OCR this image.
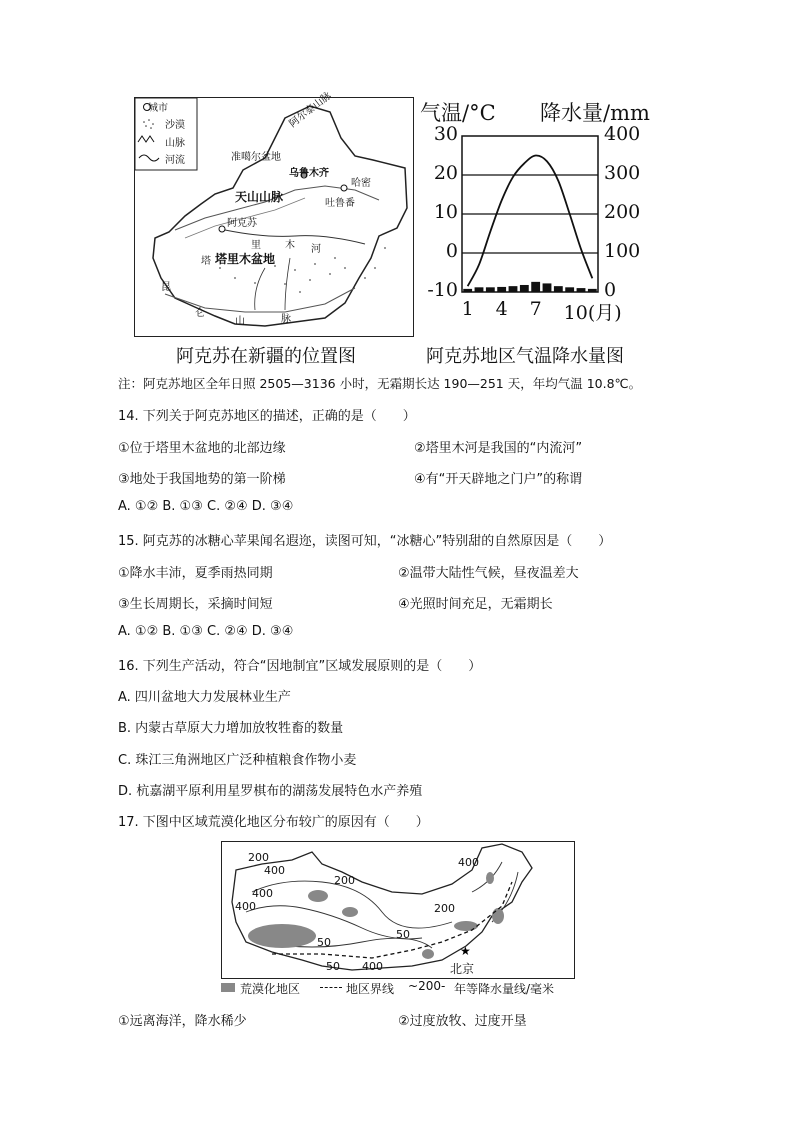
城市
沙漠
山脉
河流
阿尔泰山脉
准噶尔盆地
乌鲁木齐
哈密
吐鲁番
天山山脉
阿克苏
里 木 河
塔里木盆地
塔
昆
仑
山	脉
气温/°C 降水量/mm
30
20
10
0
-10
400
300
200
100
0
1 4 7 10(月)
阿克苏在新疆的位置图	阿克苏地区气温降水量图
注：阿克苏地区全年日照 2505—3136 小时，无霜期长达 190—251 天，年均气温 10.8℃。
14. 下列关于阿克苏地区的描述，正确的是（　　）
①位于塔里木盆地的北部边缘	②塔里木河是我国的“内流河”
③地处于我国地势的第一阶梯	④有“开天辟地之门户”的称谓
A. ①② B. ①③ C. ②④ D. ③④
15. 阿克苏的冰糖心苹果闻名遐迩，读图可知，“冰糖心”特别甜的自然原因是（　　）
①降水丰沛，夏季雨热同期	②温带大陆性气候，昼夜温差大
③生长周期长，采摘时间短	④光照时间充足，无霜期长
A. ①② B. ①③ C. ②④ D. ③④
16. 下列生产活动，符合“因地制宜”区域发展原则的是（　　）
A. 四川盆地大力发展林业生产
B. 内蒙古草原大力增加放牧牲畜的数量
C. 珠江三角洲地区广泛种植粮食作物小麦
D. 杭嘉湖平原利用星罗棋布的湖荡发展特色水产养殖
17. 下图中区域荒漠化地区分布较广的原因有（　　）
★
400
200
400
400
400
200
200
50
50
50 400	北京
荒漠化地区	地区界线 ~200- 年等降水量线/毫米
①远离海洋，降水稀少	②过度放牧、过度开垦
